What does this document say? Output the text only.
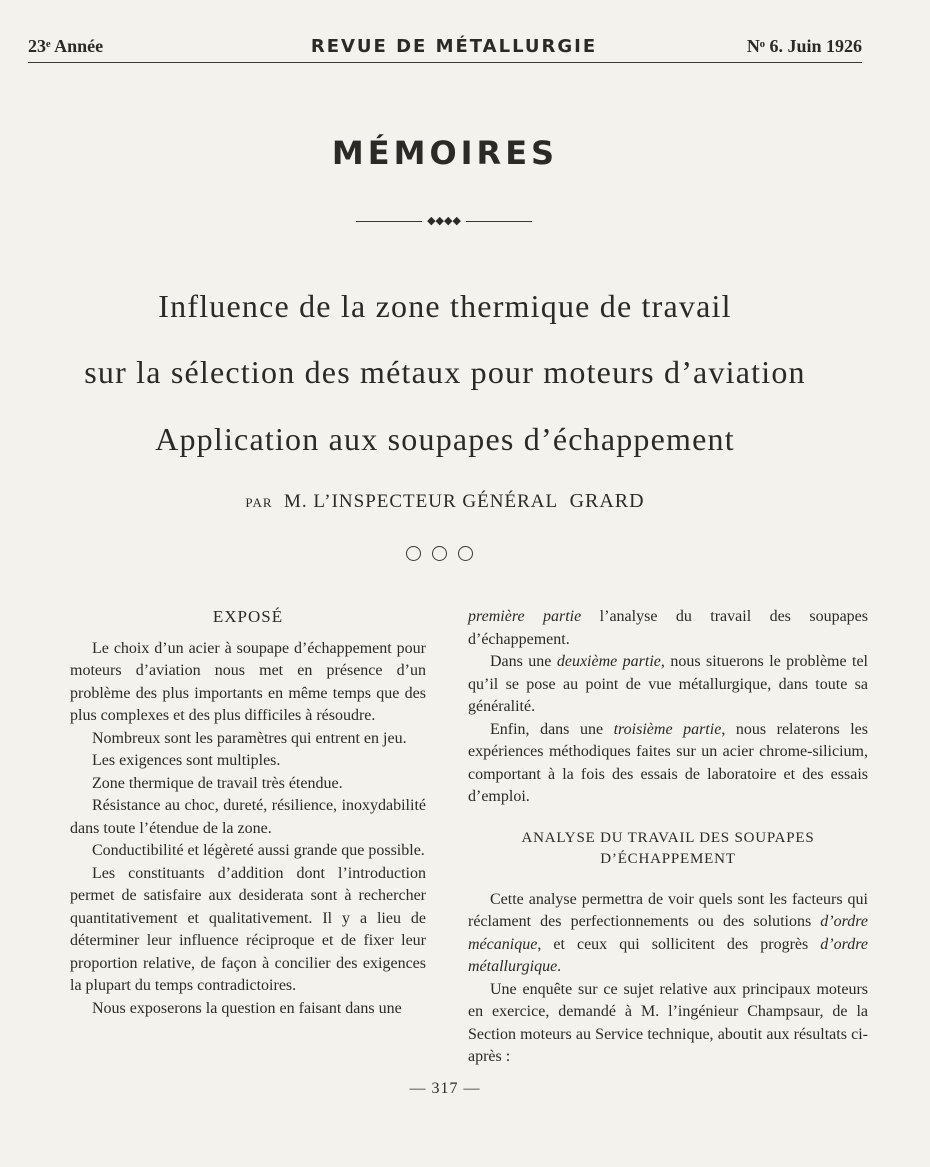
23ᵉ Année	REVUE DE MÉTALLURGIE	Nᵒ 6. Juin 1926
MÉMOIRES
◆◆◆◆
Influence de la zone thermique de travail
sur la sélection des métaux pour moteurs d’aviation
Application aux soupapes d’échappement
PAR M. L’INSPECTEUR GÉNÉRAL GRARD
EXPOSÉ

Le choix d’un acier à soupape d’échappement pour moteurs d’aviation nous met en présence d’un problème des plus importants en même temps que des plus complexes et des plus difficiles à résoudre.

Nombreux sont les paramètres qui entrent en jeu.

Les exigences sont multiples.

Zone thermique de travail très étendue.

Résistance au choc, dureté, résilience, inoxydabilité dans toute l’étendue de la zone.

Conductibilité et légèreté aussi grande que possible.

Les constituants d’addition dont l’introduction permet de satisfaire aux desiderata sont à rechercher quantitativement et qualitativement. Il y a lieu de déterminer leur influence réciproque et de fixer leur proportion relative, de façon à concilier des exigences la plupart du temps contradictoires.

Nous exposerons la question en faisant dans une

première partie l’analyse du travail des soupapes d’échappement.

Dans une deuxième partie, nous situerons le problème tel qu’il se pose au point de vue métallurgique, dans toute sa généralité.

Enfin, dans une troisième partie, nous relaterons les expériences méthodiques faites sur un acier chrome-silicium, comportant à la fois des essais de laboratoire et des essais d’emploi.

ANALYSE DU TRAVAIL DES SOUPAPES
D’ÉCHAPPEMENT

Cette analyse permettra de voir quels sont les facteurs qui réclament des perfectionnements ou des solutions d’ordre mécanique, et ceux qui sollicitent des progrès d’ordre métallurgique.

Une enquête sur ce sujet relative aux principaux moteurs en exercice, demandé à M. l’ingénieur Champsaur, de la Section moteurs au Service technique, aboutit aux résultats ci-après :

— 317 —
